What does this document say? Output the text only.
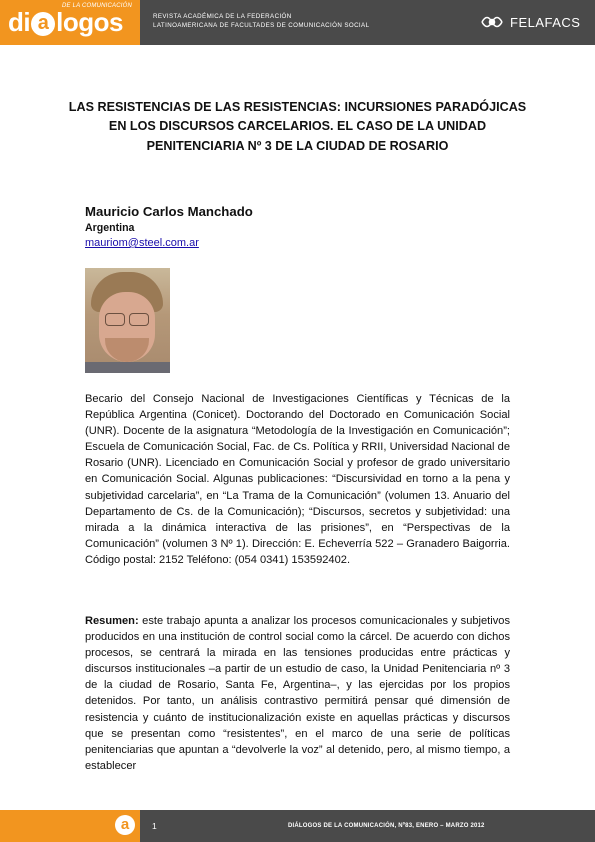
DE LA COMUNICACIÓN
di a logos	REVISTA ACADÉMICA DE LA FEDERACIÓN
LATINOAMERICANA DE FACULTADES DE COMUNICACIÓN SOCIAL	FELAFACS
LAS RESISTENCIAS DE LAS RESISTENCIAS: INCURSIONES PARADÓJICAS EN LOS DISCURSOS CARCELARIOS. EL CASO DE LA UNIDAD PENITENCIARIA Nº 3 DE LA CIUDAD DE ROSARIO
Mauricio Carlos Manchado
Argentina
mauriom@steel.com.ar

Becario del Consejo Nacional de Investigaciones Científicas y Técnicas de la República Argentina (Conicet). Doctorando del Doctorado en Comunicación Social (UNR). Docente de la asignatura “Metodología de la Investigación en Comunicación”; Escuela de Comunicación Social, Fac. de Cs. Política y RRII, Universidad Nacional de Rosario (UNR). Licenciado en Comunicación Social y profesor de grado universitario en Comunicación Social. Algunas publicaciones: “Discursividad en torno a la pena y subjetividad carcelaria”, en “La Trama de la Comunicación” (volumen 13. Anuario del Departamento de Cs. de la Comunicación); “Discursos, secretos y subjetividad: una mirada a la dinámica interactiva de las prisiones”, en “Perspectivas de la Comunicación” (volumen 3 Nº 1). Dirección: E. Echeverría 522 – Granadero Baigorria. Código postal: 2152 Teléfono: (054 0341) 153592402.

Resumen: este trabajo apunta a analizar los procesos comunicacionales y subjetivos producidos en una institución de control social como la cárcel. De acuerdo con dichos procesos, se centrará la mirada en las tensiones producidas entre prácticas y discursos institucionales –a partir de un estudio de caso, la Unidad Penitenciaria nº 3 de la ciudad de Rosario, Santa Fe, Argentina–, y las ejercidas por los propios detenidos. Por tanto, un análisis contrastivo permitirá pensar qué dimensión de resistencia y cuánto de institucionalización existe en aquellas prácticas y discursos que se presentan como “resistentes”, en el marco de una serie de políticas penitenciarias que apuntan a “devolverle la voz” al detenido, pero, al mismo tiempo, a establecer

a	1	DIÁLOGOS DE LA COMUNICACIÓN, Nº83, ENERO – MARZO 2012
